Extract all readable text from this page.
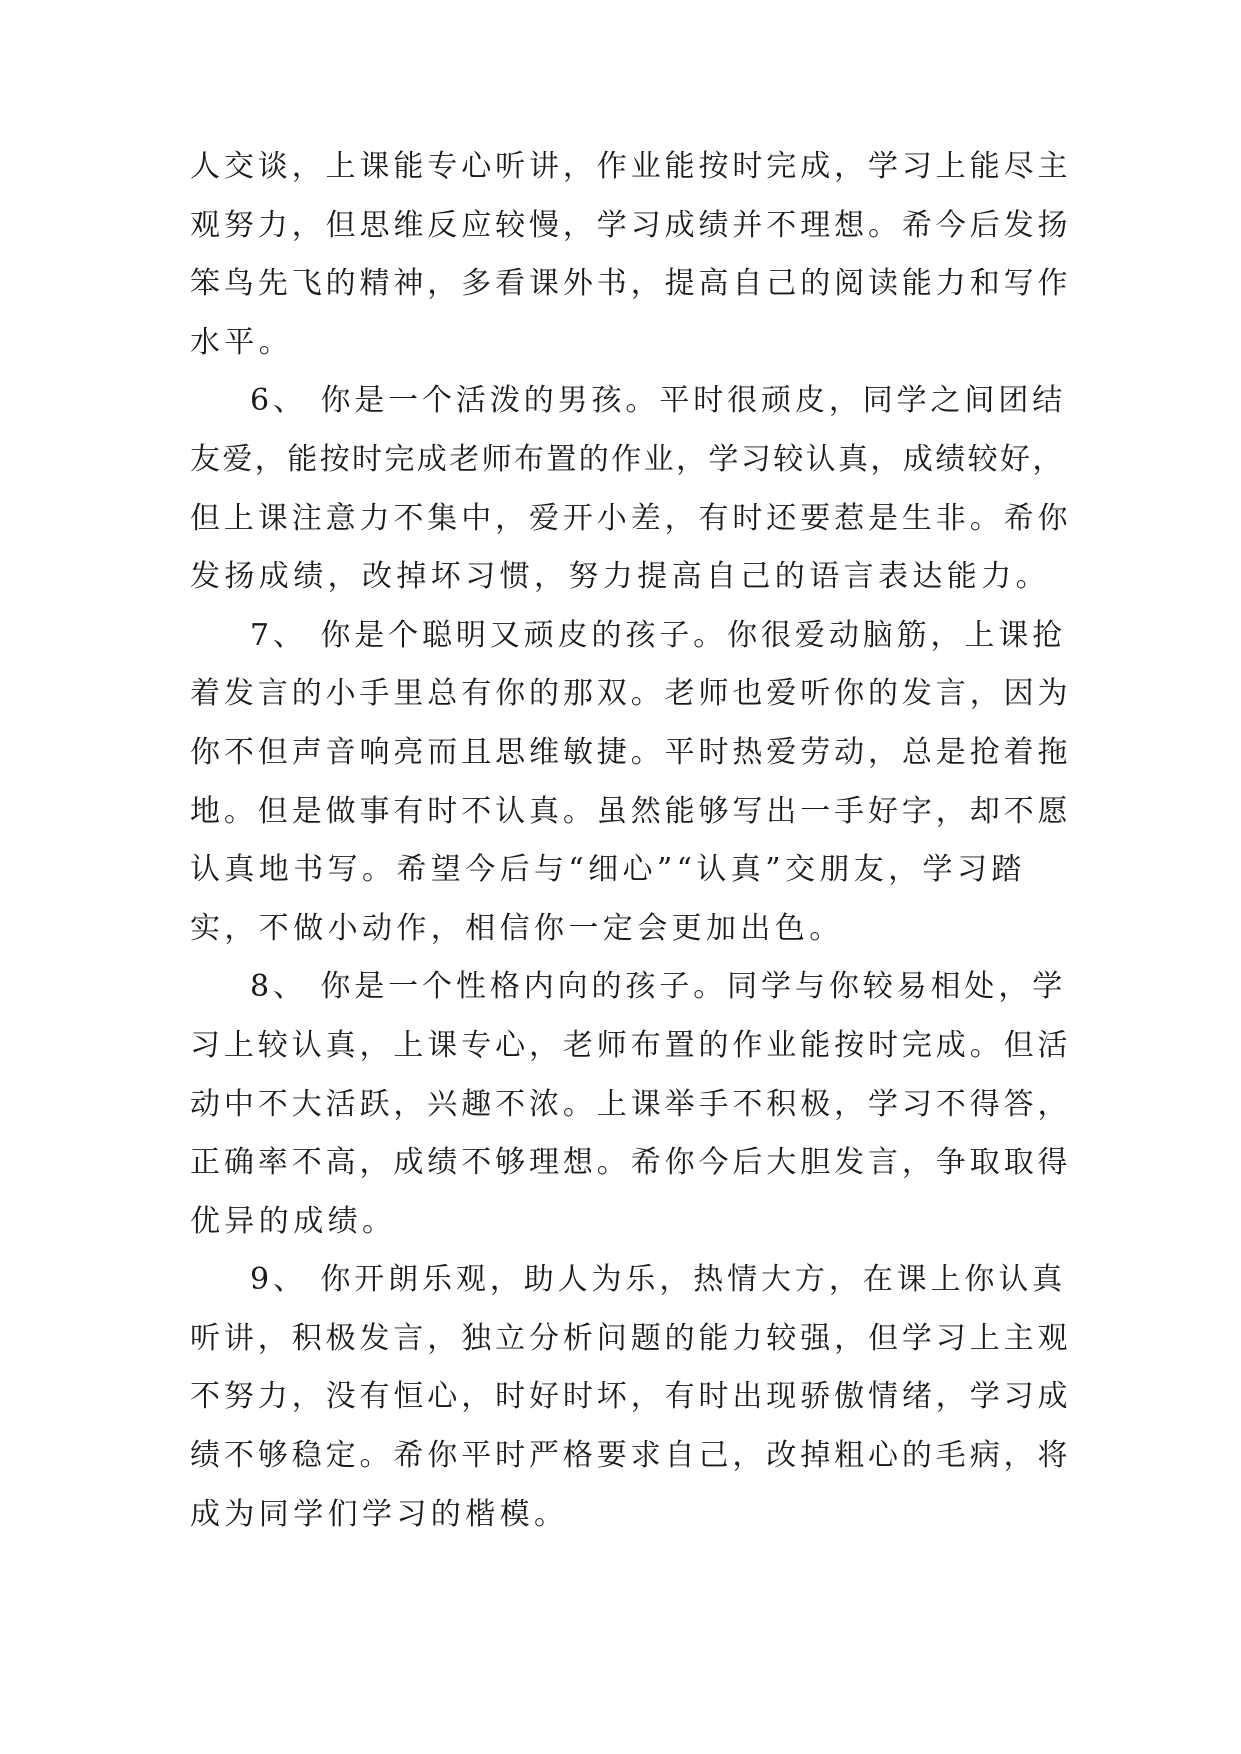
人交谈，上课能专心听讲，作业能按时完成，学习上能尽主
观努力，但思维反应较慢，学习成绩并不理想。希今后发扬
笨鸟先飞的精神，多看课外书，提高自己的阅读能力和写作
水平。
6、 你是一个活泼的男孩。平时很顽皮，同学之间团结
友爱，能按时完成老师布置的作业，学习较认真，成绩较好，
但上课注意力不集中，爱开小差，有时还要惹是生非。希你
发扬成绩，改掉坏习惯，努力提高自己的语言表达能力。
7、 你是个聪明又顽皮的孩子。你很爱动脑筋，上课抢
着发言的小手里总有你的那双。老师也爱听你的发言，因为
你不但声音响亮而且思维敏捷。平时热爱劳动，总是抢着拖
地。但是做事有时不认真。虽然能够写出一手好字，却不愿
认真地书写。希望今后与“细心”“认真”交朋友，学习踏
实，不做小动作，相信你一定会更加出色。
8、 你是一个性格内向的孩子。同学与你较易相处，学
习上较认真，上课专心，老师布置的作业能按时完成。但活
动中不大活跃，兴趣不浓。上课举手不积极，学习不得答，
正确率不高，成绩不够理想。希你今后大胆发言，争取取得
优异的成绩。
9、 你开朗乐观，助人为乐，热情大方，在课上你认真
听讲，积极发言，独立分析问题的能力较强，但学习上主观
不努力，没有恒心，时好时坏，有时出现骄傲情绪，学习成
绩不够稳定。希你平时严格要求自己，改掉粗心的毛病，将
成为同学们学习的楷模。
